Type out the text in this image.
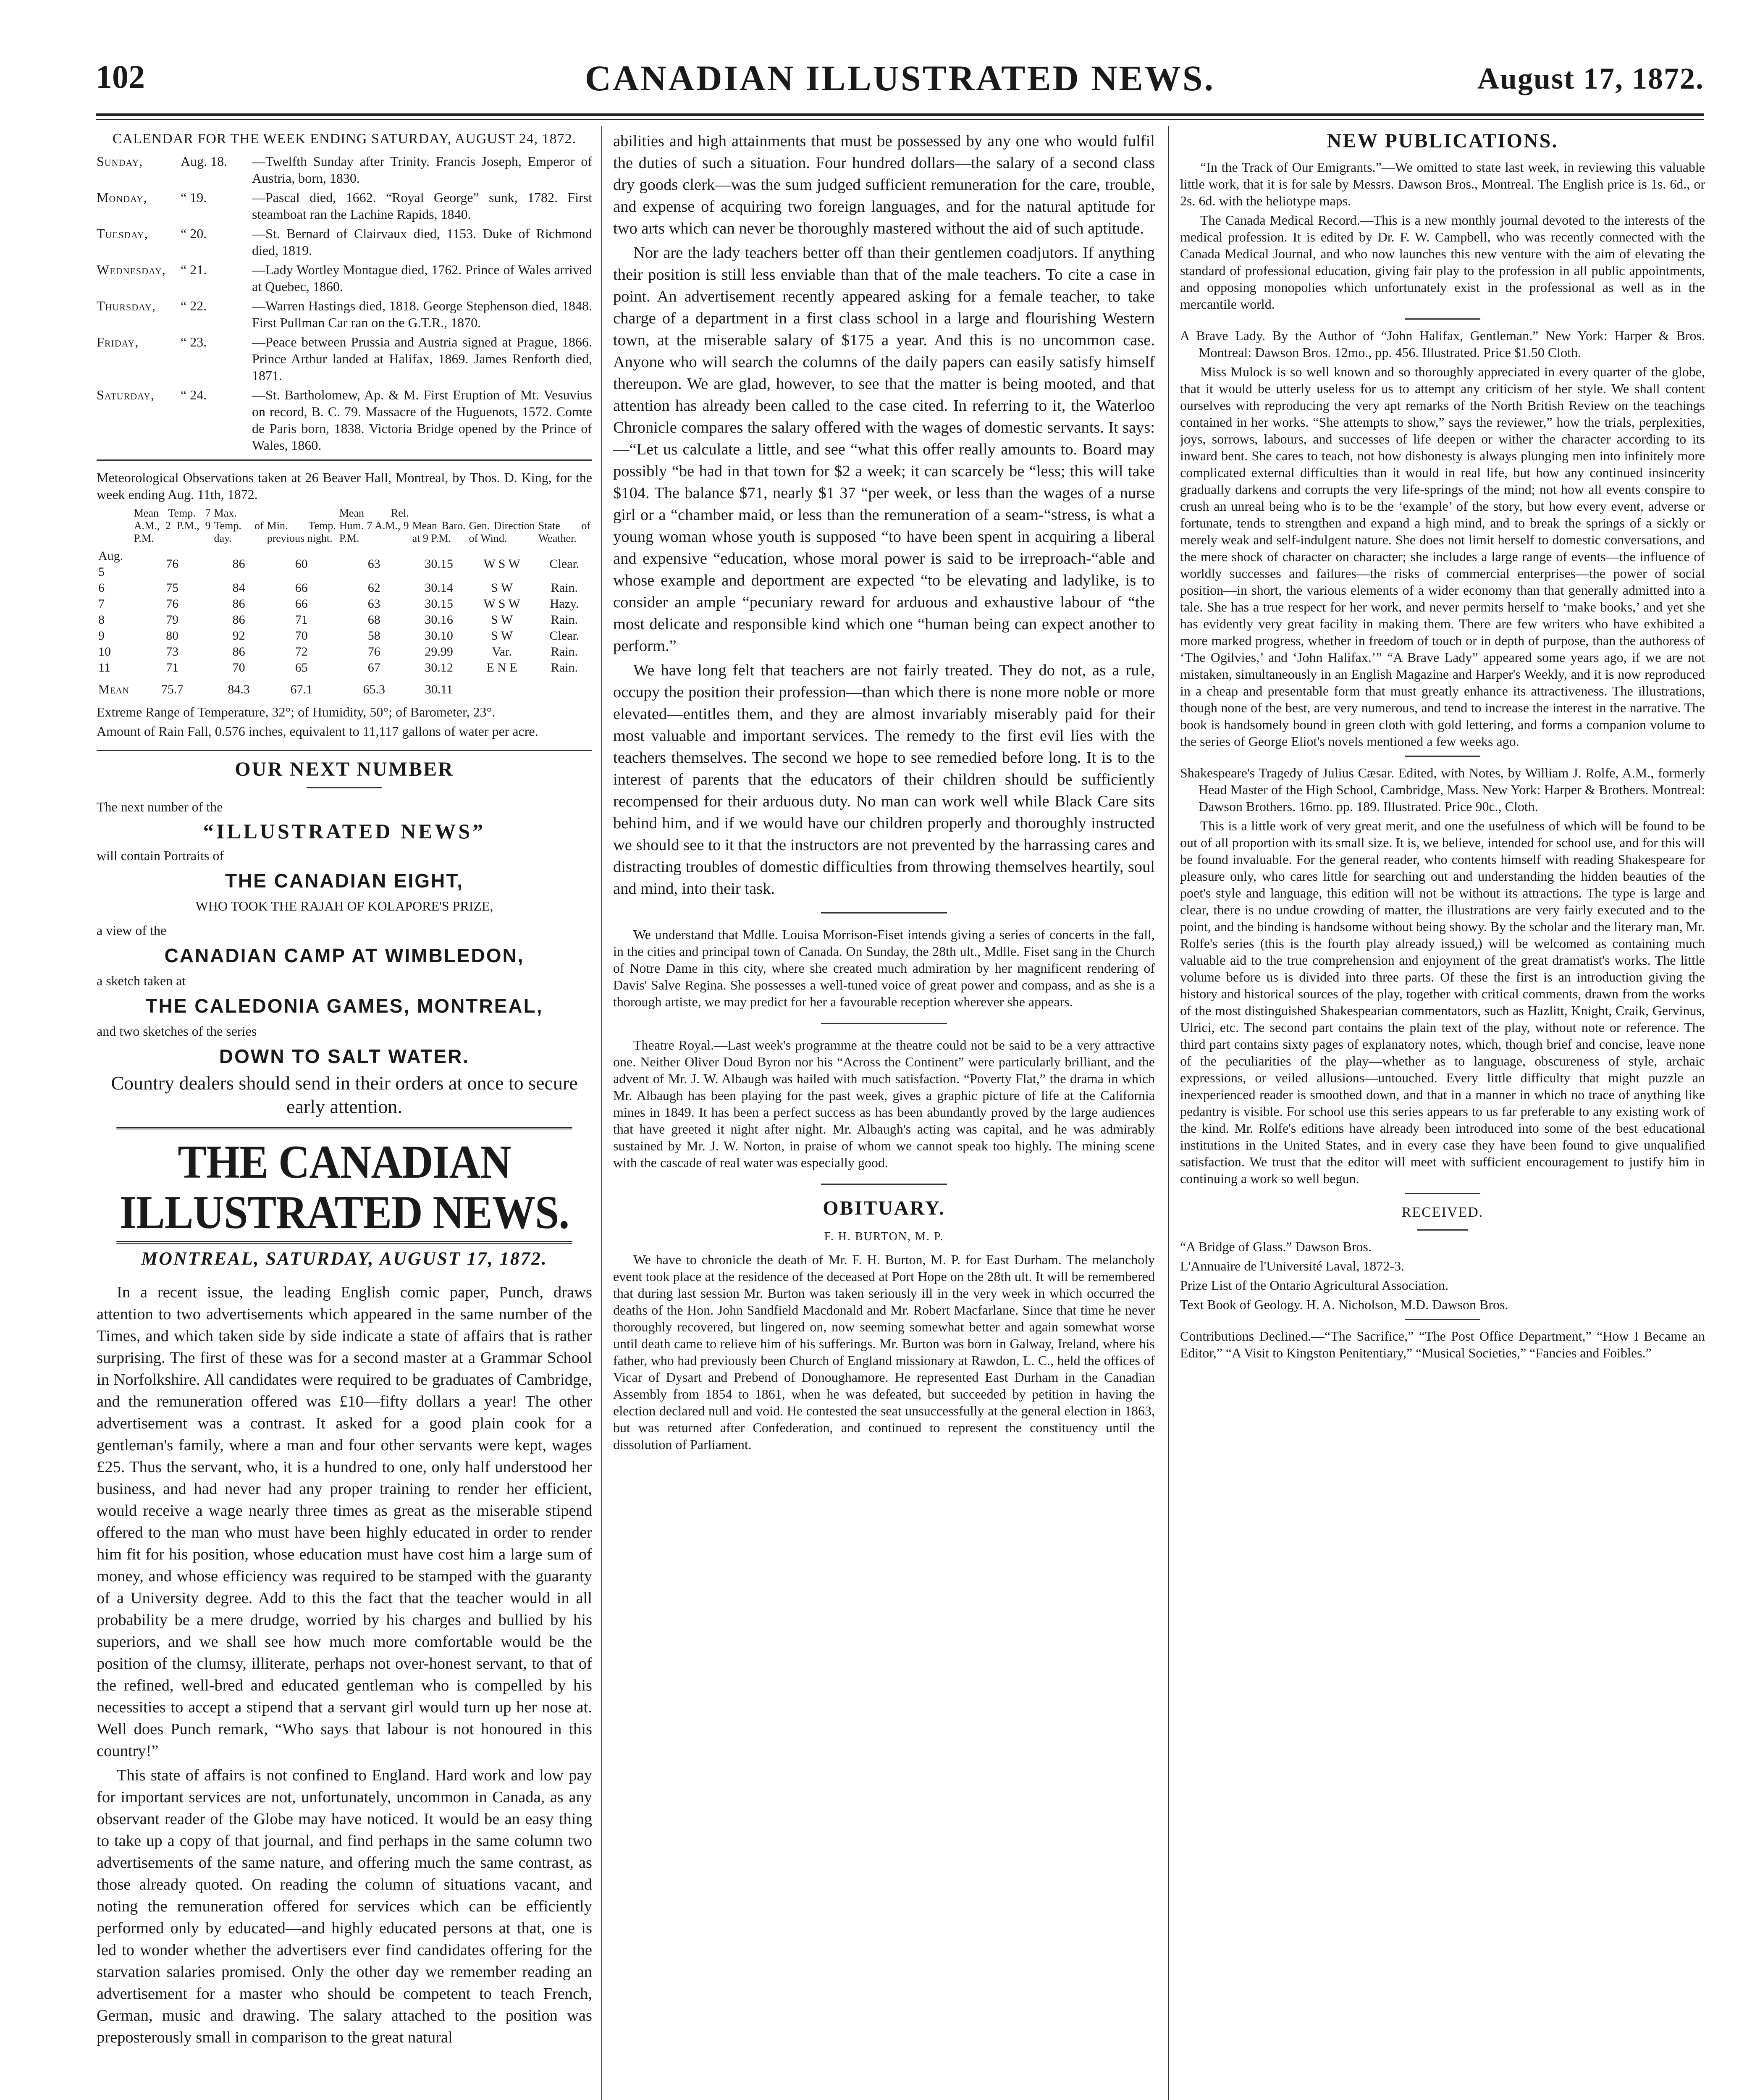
102	CANADIAN ILLUSTRATED NEWS.	August 17, 1872.
CALENDAR FOR THE WEEK ENDING SATURDAY, AUGUST 24, 1872.
Sunday,	Aug. 18.	—Twelfth Sunday after Trinity. Francis Joseph, Emperor of Austria, born, 1830.
Monday,	“ 19.	—Pascal died, 1662. “Royal George” sunk, 1782. First steamboat ran the Lachine Rapids, 1840.
Tuesday,	“ 20.	—St. Bernard of Clairvaux died, 1153. Duke of Richmond died, 1819.
Wednesday,	“ 21.	—Lady Wortley Montague died, 1762. Prince of Wales arrived at Quebec, 1860.
Thursday,	“ 22.	—Warren Hastings died, 1818. George Stephenson died, 1848. First Pullman Car ran on the G.T.R., 1870.
Friday,	“ 23.	—Peace between Prussia and Austria signed at Prague, 1866. Prince Arthur landed at Halifax, 1869. James Renforth died, 1871.
Saturday,	“ 24.	—St. Bartholomew, Ap. & M. First Eruption of Mt. Vesuvius on record, B. C. 79. Massacre of the Huguenots, 1572. Comte de Paris born, 1838. Victoria Bridge opened by the Prince of Wales, 1860.
Meteorological Observations taken at 26 Beaver Hall, Montreal, by Thos. D. King, for the week ending Aug. 11th, 1872.
	Mean Temp. 7 A.M., 2 P.M., 9 P.M.	Max. Temp. of day.	Min. Temp. previous night.	Mean Rel. Hum. 7 A.M., 9 P.M.	Mean Baro. at 9 P.M.	Gen. Direction of Wind.	State of Weather.
Aug. 5	76	86	60	63	30.15	W S W	Clear.
6	75	84	66	62	30.14	S W	Rain.
7	76	86	66	63	30.15	W S W	Hazy.
8	79	86	71	68	30.16	S W	Rain.
9	80	92	70	58	30.10	S W	Clear.
10	73	86	72	76	29.99	Var.	Rain.
11	71	70	65	67	30.12	E N E	Rain.
Mean	75.7	84.3	67.1	65.3	30.11		

Extreme Range of Temperature, 32°; of Humidity, 50°; of Barometer, 23°.

Amount of Rain Fall, 0.576 inches, equivalent to 11,117 gallons of water per acre.

OUR NEXT NUMBER
The next number of the
“ILLUSTRATED NEWS”
will contain Portraits of
THE CANADIAN EIGHT,
WHO TOOK THE RAJAH OF KOLAPORE'S PRIZE,
a view of the
CANADIAN CAMP AT WIMBLEDON,
a sketch taken at
THE CALEDONIA GAMES, MONTREAL,
and two sketches of the series
DOWN TO SALT WATER.
Country dealers should send in their orders at once to secure early attention.
THE CANADIAN ILLUSTRATED NEWS.
MONTREAL, SATURDAY, AUGUST 17, 1872.

In a recent issue, the leading English comic paper, Punch, draws attention to two advertisements which appeared in the same number of the Times, and which taken side by side indicate a state of affairs that is rather surprising. The first of these was for a second master at a Grammar School in Norfolkshire. All candidates were required to be graduates of Cambridge, and the remuneration offered was £10—fifty dollars a year! The other advertisement was a contrast. It asked for a good plain cook for a gentleman's family, where a man and four other servants were kept, wages £25. Thus the servant, who, it is a hundred to one, only half understood her business, and had never had any proper training to render her efficient, would receive a wage nearly three times as great as the miserable stipend offered to the man who must have been highly educated in order to render him fit for his position, whose education must have cost him a large sum of money, and whose efficiency was required to be stamped with the guaranty of a University degree. Add to this the fact that the teacher would in all probability be a mere drudge, worried by his charges and bullied by his superiors, and we shall see how much more comfortable would be the position of the clumsy, illiterate, perhaps not over-honest servant, to that of the refined, well-bred and educated gentleman who is compelled by his necessities to accept a stipend that a servant girl would turn up her nose at. Well does Punch remark, “Who says that labour is not honoured in this country!”

This state of affairs is not confined to England. Hard work and low pay for important services are not, unfortunately, uncommon in Canada, as any observant reader of the Globe may have noticed. It would be an easy thing to take up a copy of that journal, and find perhaps in the same column two advertisements of the same nature, and offering much the same contrast, as those already quoted. On reading the column of situations vacant, and noting the remuneration offered for services which can be efficiently performed only by educated—and highly educated persons at that, one is led to wonder whether the advertisers ever find candidates offering for the starvation salaries promised. Only the other day we remember reading an advertisement for a master who should be competent to teach French, German, music and drawing. The salary attached to the position was preposterously small in comparison to the great natural

abilities and high attainments that must be possessed by any one who would fulfil the duties of such a situation. Four hundred dollars—the salary of a second class dry goods clerk—was the sum judged sufficient remuneration for the care, trouble, and expense of acquiring two foreign languages, and for the natural aptitude for two arts which can never be thoroughly mastered without the aid of such aptitude.

Nor are the lady teachers better off than their gentlemen coadjutors. If anything their position is still less enviable than that of the male teachers. To cite a case in point. An advertisement recently appeared asking for a female teacher, to take charge of a department in a first class school in a large and flourishing Western town, at the miserable salary of $175 a year. And this is no uncommon case. Anyone who will search the columns of the daily papers can easily satisfy himself thereupon. We are glad, however, to see that the matter is being mooted, and that attention has already been called to the case cited. In referring to it, the Waterloo Chronicle compares the salary offered with the wages of domestic servants. It says:—“Let us calculate a little, and see “what this offer really amounts to. Board may possibly “be had in that town for $2 a week; it can scarcely be “less; this will take $104. The balance $71, nearly $1 37 “per week, or less than the wages of a nurse girl or a “chamber maid, or less than the remuneration of a seam-“stress, is what a young woman whose youth is supposed “to have been spent in acquiring a liberal and expensive “education, whose moral power is said to be irreproach-“able and whose example and deportment are expected “to be elevating and ladylike, is to consider an ample “pecuniary reward for arduous and exhaustive labour of “the most delicate and responsible kind which one “human being can expect another to perform.”

We have long felt that teachers are not fairly treated. They do not, as a rule, occupy the position their profession—than which there is none more noble or more elevated—entitles them, and they are almost invariably miserably paid for their most valuable and important services. The remedy to the first evil lies with the teachers themselves. The second we hope to see remedied before long. It is to the interest of parents that the educators of their children should be sufficiently recompensed for their arduous duty. No man can work well while Black Care sits behind him, and if we would have our children properly and thoroughly instructed we should see to it that the instructors are not prevented by the harrassing cares and distracting troubles of domestic difficulties from throwing themselves heartily, soul and mind, into their task.

We understand that Mdlle. Louisa Morrison-Fiset intends giving a series of concerts in the fall, in the cities and principal town of Canada. On Sunday, the 28th ult., Mdlle. Fiset sang in the Church of Notre Dame in this city, where she created much admiration by her magnificent rendering of Davis' Salve Regina. She possesses a well-tuned voice of great power and compass, and as she is a thorough artiste, we may predict for her a favourable reception wherever she appears.

Theatre Royal.—Last week's programme at the theatre could not be said to be a very attractive one. Neither Oliver Doud Byron nor his “Across the Continent” were particularly brilliant, and the advent of Mr. J. W. Albaugh was hailed with much satisfaction. “Poverty Flat,” the drama in which Mr. Albaugh has been playing for the past week, gives a graphic picture of life at the California mines in 1849. It has been a perfect success as has been abundantly proved by the large audiences that have greeted it night after night. Mr. Albaugh's acting was capital, and he was admirably sustained by Mr. J. W. Norton, in praise of whom we cannot speak too highly. The mining scene with the cascade of real water was especially good.

OBITUARY.
F. H. BURTON, M. P.

We have to chronicle the death of Mr. F. H. Burton, M. P. for East Durham. The melancholy event took place at the residence of the deceased at Port Hope on the 28th ult. It will be remembered that during last session Mr. Burton was taken seriously ill in the very week in which occurred the deaths of the Hon. John Sandfield Macdonald and Mr. Robert Macfarlane. Since that time he never thoroughly recovered, but lingered on, now seeming somewhat better and again somewhat worse until death came to relieve him of his sufferings. Mr. Burton was born in Galway, Ireland, where his father, who had previously been Church of England missionary at Rawdon, L. C., held the offices of Vicar of Dysart and Prebend of Donoughamore. He represented East Durham in the Canadian Assembly from 1854 to 1861, when he was defeated, but succeeded by petition in having the election declared null and void. He contested the seat unsuccessfully at the general election in 1863, but was returned after Confederation, and continued to represent the constituency until the dissolution of Parliament.

NEW PUBLICATIONS.

“In the Track of Our Emigrants.”—We omitted to state last week, in reviewing this valuable little work, that it is for sale by Messrs. Dawson Bros., Montreal. The English price is 1s. 6d., or 2s. 6d. with the heliotype maps.

The Canada Medical Record.—This is a new monthly journal devoted to the interests of the medical profession. It is edited by Dr. F. W. Campbell, who was recently connected with the Canada Medical Journal, and who now launches this new venture with the aim of elevating the standard of professional education, giving fair play to the profession in all public appointments, and opposing monopolies which unfortunately exist in the professional as well as in the mercantile world.

A Brave Lady. By the Author of “John Halifax, Gentleman.” New York: Harper & Bros. Montreal: Dawson Bros. 12mo., pp. 456. Illustrated. Price $1.50 Cloth.

Miss Mulock is so well known and so thoroughly appreciated in every quarter of the globe, that it would be utterly useless for us to attempt any criticism of her style. We shall content ourselves with reproducing the very apt remarks of the North British Review on the teachings contained in her works. “She attempts to show,” says the reviewer,” how the trials, perplexities, joys, sorrows, labours, and successes of life deepen or wither the character according to its inward bent. She cares to teach, not how dishonesty is always plunging men into infinitely more complicated external difficulties than it would in real life, but how any continued insincerity gradually darkens and corrupts the very life-springs of the mind; not how all events conspire to crush an unreal being who is to be the ‘example’ of the story, but how every event, adverse or fortunate, tends to strengthen and expand a high mind, and to break the springs of a sickly or merely weak and self-indulgent nature. She does not limit herself to domestic conversations, and the mere shock of character on character; she includes a large range of events—the influence of worldly successes and failures—the risks of commercial enterprises—the power of social position—in short, the various elements of a wider economy than that generally admitted into a tale. She has a true respect for her work, and never permits herself to ‘make books,’ and yet she has evidently very great facility in making them. There are few writers who have exhibited a more marked progress, whether in freedom of touch or in depth of purpose, than the authoress of ‘The Ogilvies,’ and ‘John Halifax.’” “A Brave Lady” appeared some years ago, if we are not mistaken, simultaneously in an English Magazine and Harper's Weekly, and it is now reproduced in a cheap and presentable form that must greatly enhance its attractiveness. The illustrations, though none of the best, are very numerous, and tend to increase the interest in the narrative. The book is handsomely bound in green cloth with gold lettering, and forms a companion volume to the series of George Eliot's novels mentioned a few weeks ago.

Shakespeare's Tragedy of Julius Cæsar. Edited, with Notes, by William J. Rolfe, A.M., formerly Head Master of the High School, Cambridge, Mass. New York: Harper & Brothers. Montreal: Dawson Brothers. 16mo. pp. 189. Illustrated. Price 90c., Cloth.

This is a little work of very great merit, and one the usefulness of which will be found to be out of all proportion with its small size. It is, we believe, intended for school use, and for this will be found invaluable. For the general reader, who contents himself with reading Shakespeare for pleasure only, who cares little for searching out and understanding the hidden beauties of the poet's style and language, this edition will not be without its attractions. The type is large and clear, there is no undue crowding of matter, the illustrations are very fairly executed and to the point, and the binding is handsome without being showy. By the scholar and the literary man, Mr. Rolfe's series (this is the fourth play already issued,) will be welcomed as containing much valuable aid to the true comprehension and enjoyment of the great dramatist's works. The little volume before us is divided into three parts. Of these the first is an introduction giving the history and historical sources of the play, together with critical comments, drawn from the works of the most distinguished Shakespearian commentators, such as Hazlitt, Knight, Craik, Gervinus, Ulrici, etc. The second part contains the plain text of the play, without note or reference. The third part contains sixty pages of explanatory notes, which, though brief and concise, leave none of the peculiarities of the play—whether as to language, obscureness of style, archaic expressions, or veiled allusions—untouched. Every little difficulty that might puzzle an inexperienced reader is smoothed down, and that in a manner in which no trace of anything like pedantry is visible. For school use this series appears to us far preferable to any existing work of the kind. Mr. Rolfe's editions have already been introduced into some of the best educational institutions in the United States, and in every case they have been found to give unqualified satisfaction. We trust that the editor will meet with sufficient encouragement to justify him in continuing a work so well begun.

RECEIVED.

“A Bridge of Glass.” Dawson Bros.

L'Annuaire de l'Université Laval, 1872-3.

Prize List of the Ontario Agricultural Association.

Text Book of Geology. H. A. Nicholson, M.D. Dawson Bros.

Contributions Declined.—“The Sacrifice,” “The Post Office Department,” “How I Became an Editor,” “A Visit to Kingston Penitentiary,” “Musical Societies,” “Fancies and Foibles.”
